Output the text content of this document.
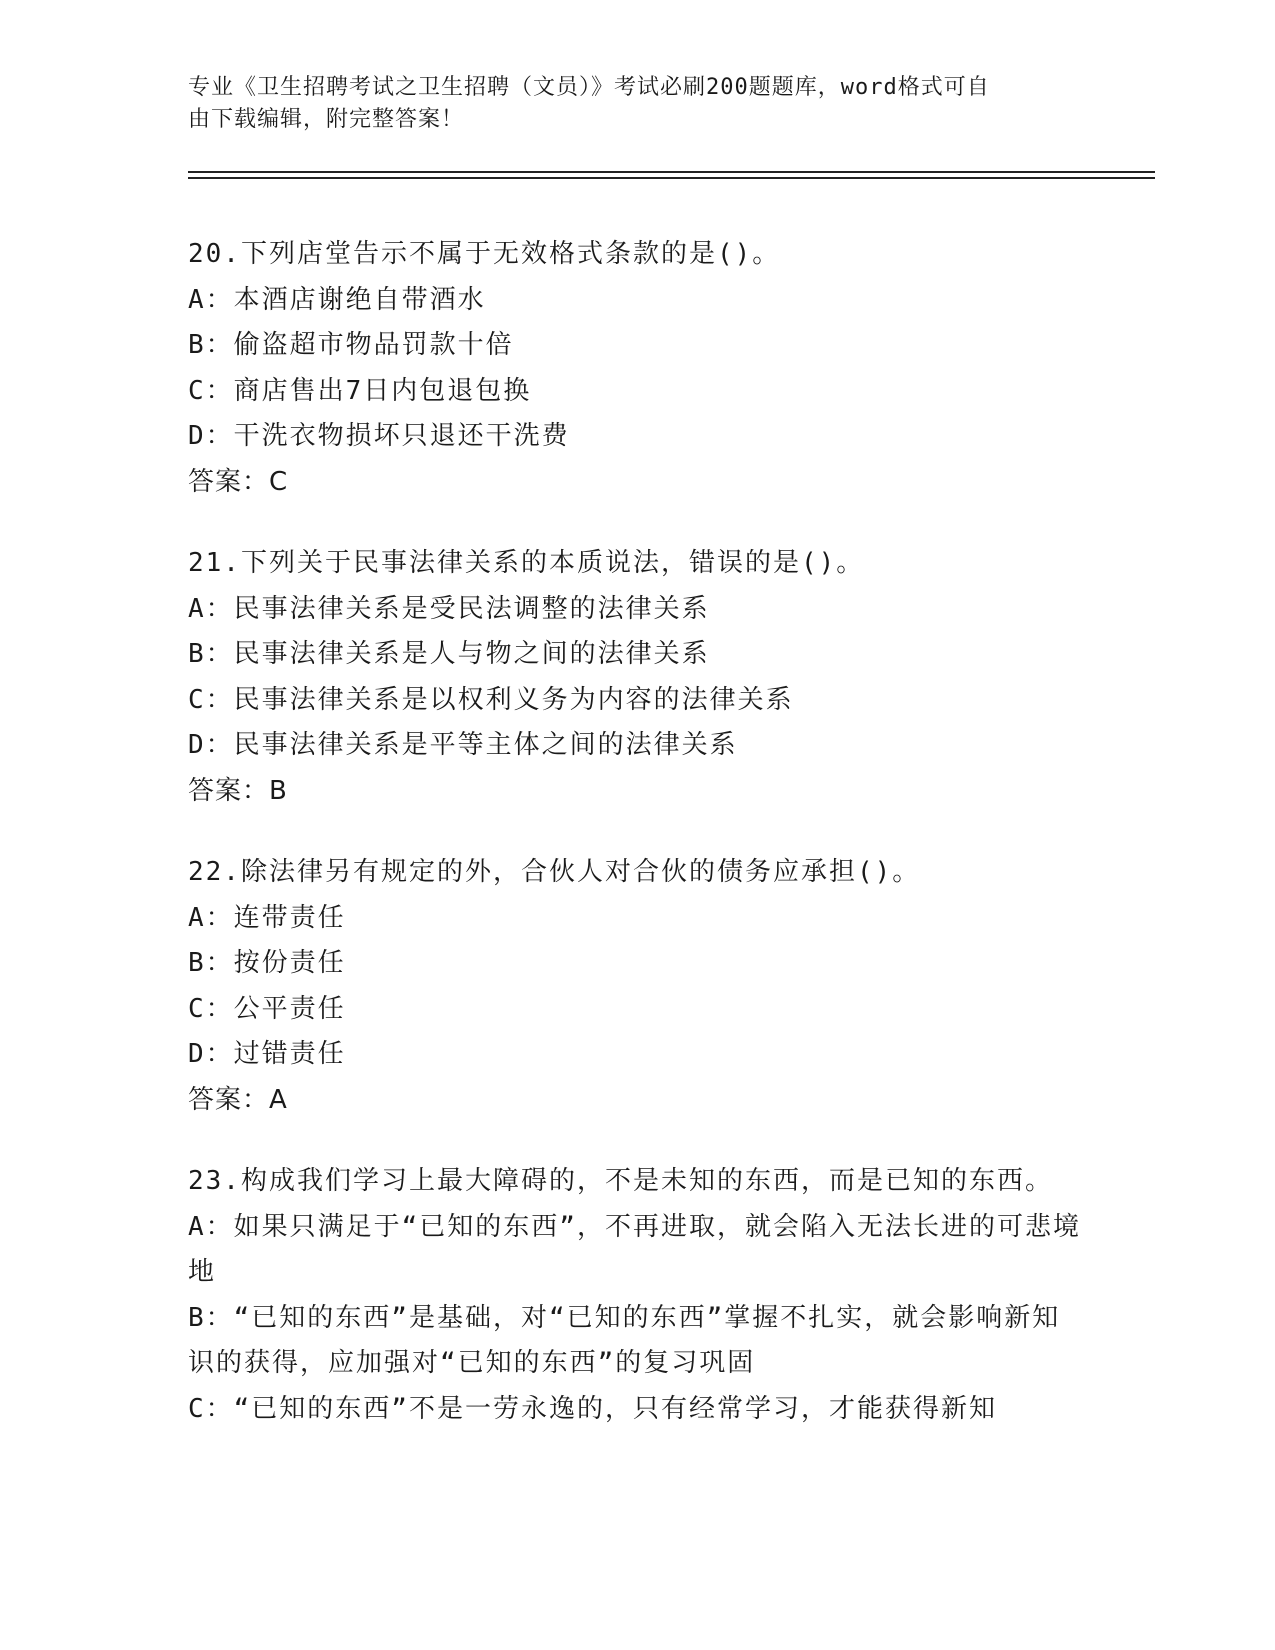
专业《卫生招聘考试之卫生招聘（文员）》考试必刷200题题库，word格式可自
由下载编辑，附完整答案！
20.下列店堂告示不属于无效格式条款的是()。
A：本酒店谢绝自带酒水
B：偷盗超市物品罚款十倍
C：商店售出7日内包退包换
D：干洗衣物损坏只退还干洗费
答案：C
21.下列关于民事法律关系的本质说法，错误的是()。
A：民事法律关系是受民法调整的法律关系
B：民事法律关系是人与物之间的法律关系
C：民事法律关系是以权利义务为内容的法律关系
D：民事法律关系是平等主体之间的法律关系
答案：B
22.除法律另有规定的外，合伙人对合伙的债务应承担()。
A：连带责任
B：按份责任
C：公平责任
D：过错责任
答案：A
23.构成我们学习上最大障碍的，不是未知的东西，而是已知的东西。
A：如果只满足于“已知的东西”，不再进取，就会陷入无法长进的可悲境地
B：“已知的东西”是基础，对“已知的东西”掌握不扎实，就会影响新知识的获得，应加强对“已知的东西”的复习巩固
C：“已知的东西”不是一劳永逸的，只有经常学习，才能获得新知
